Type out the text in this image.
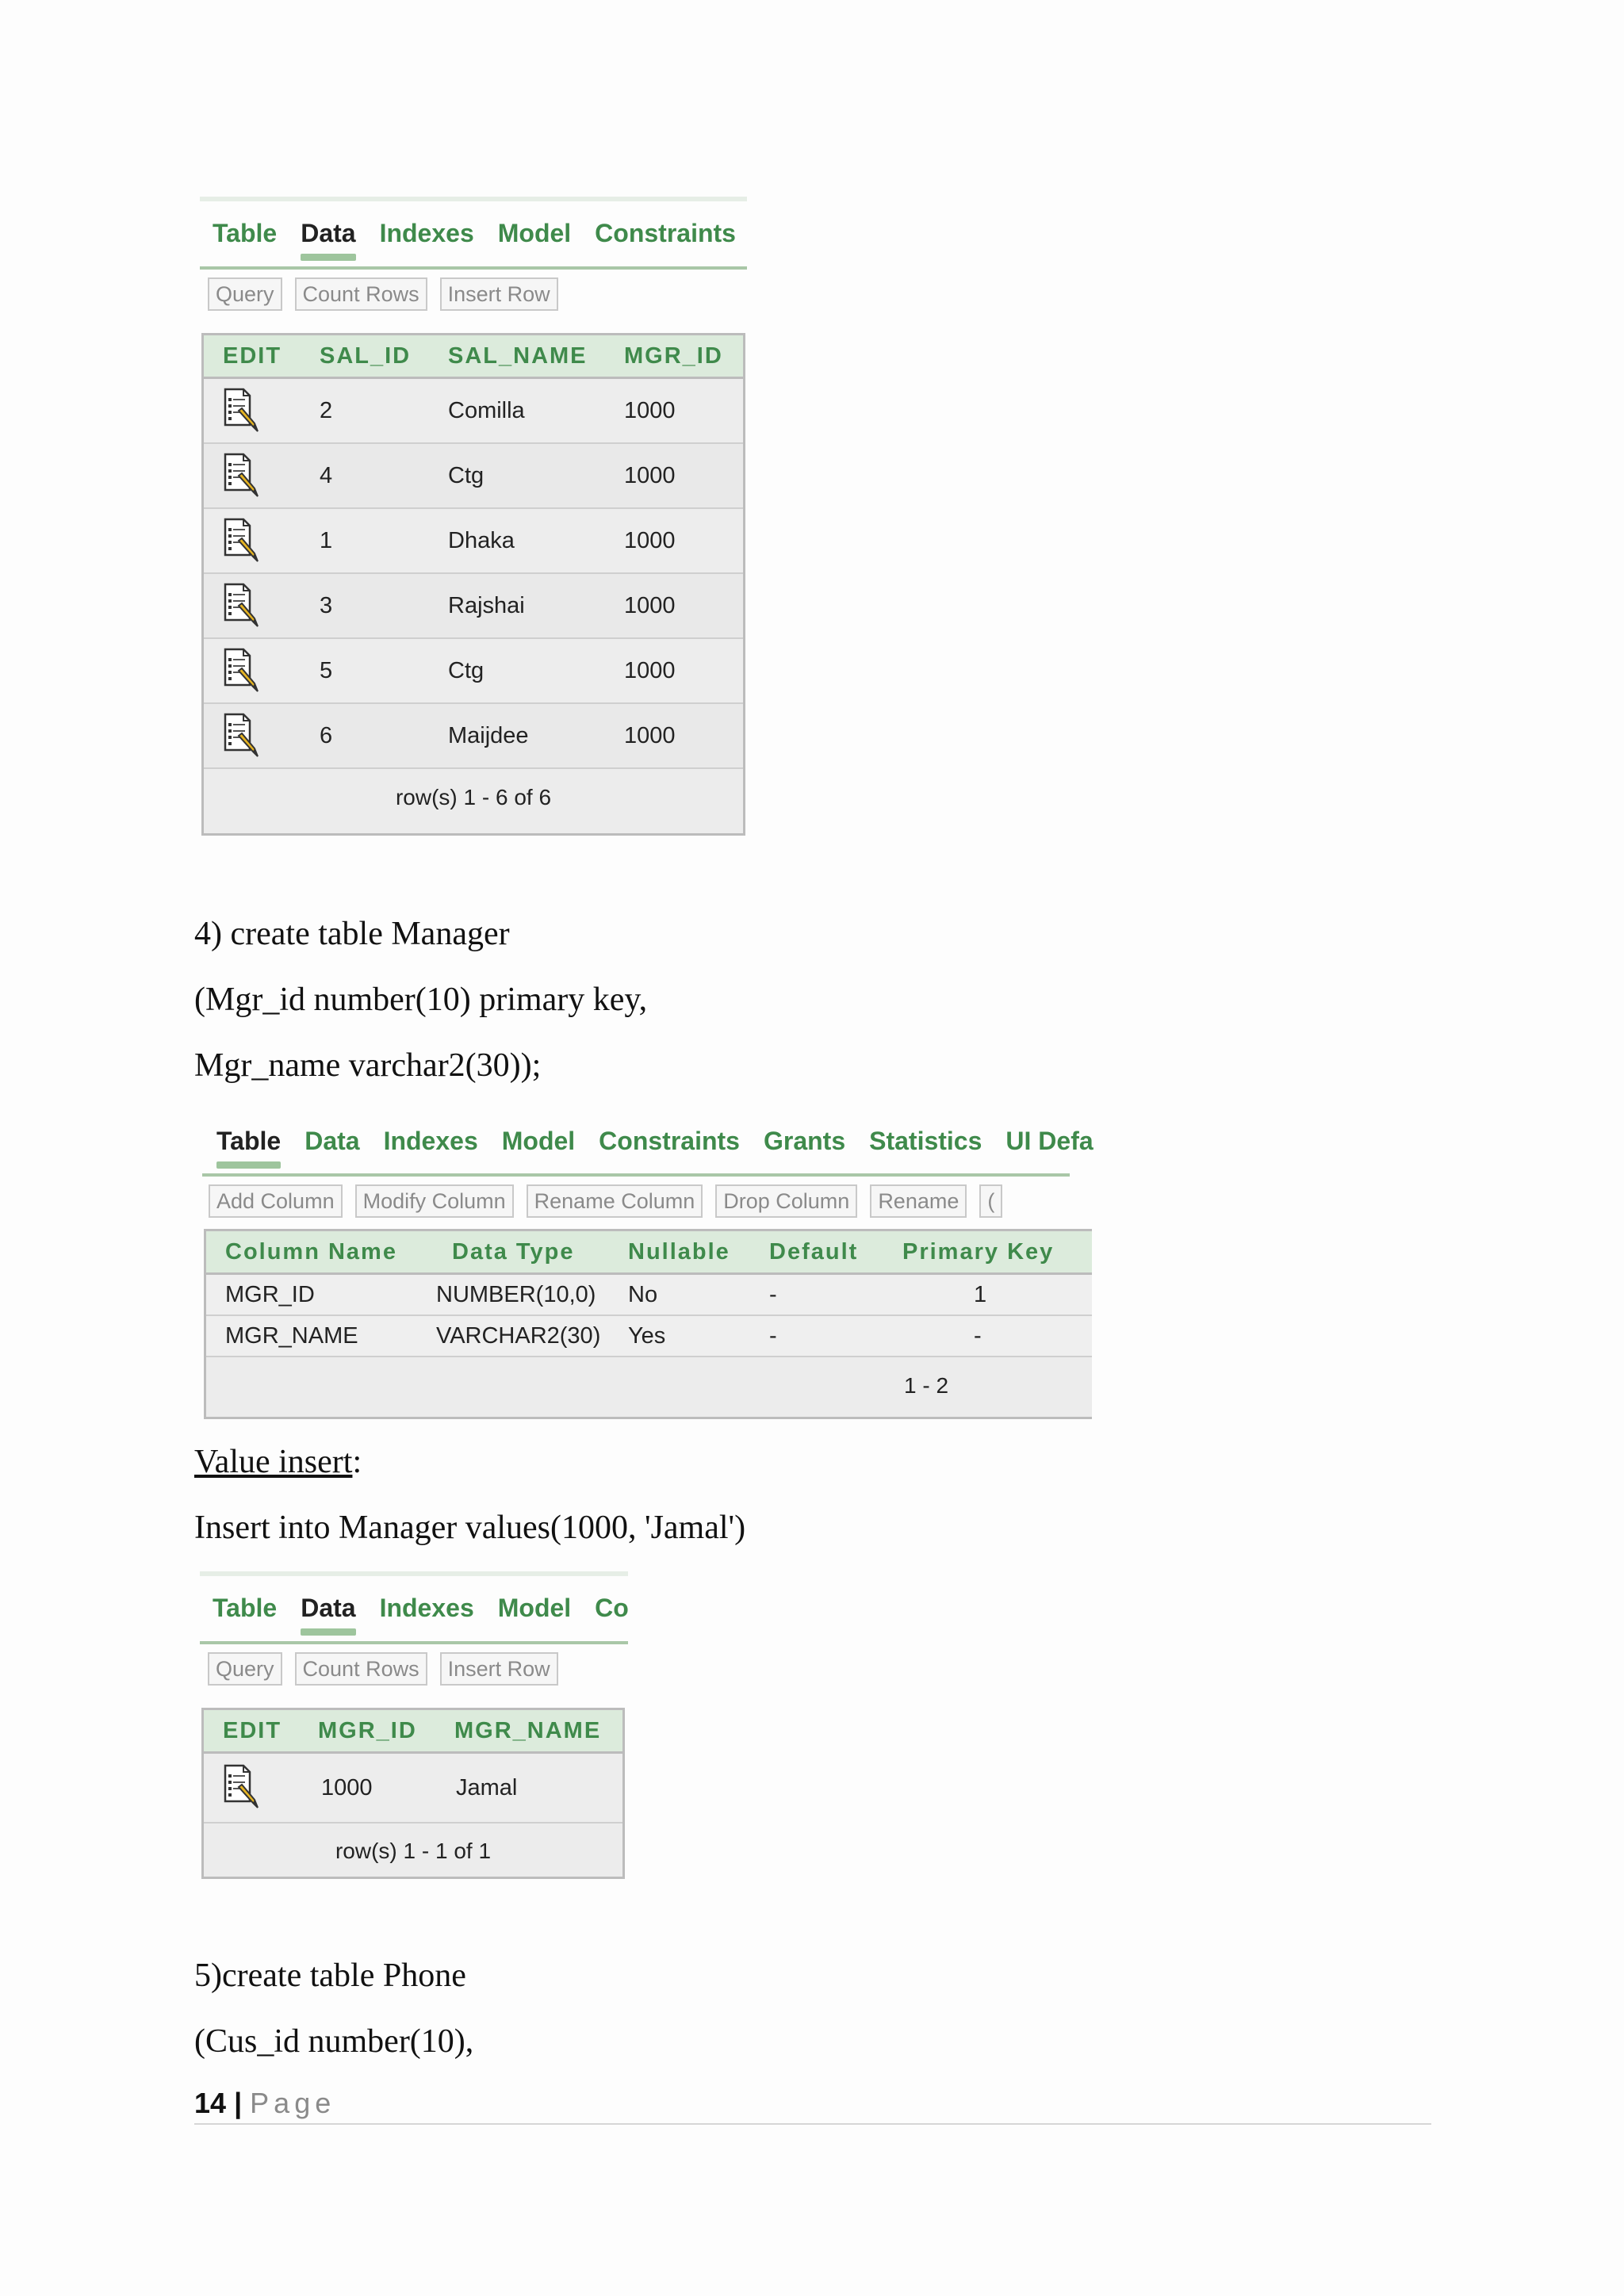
Table Data Indexes Model Constraints
Query	Count Rows	Insert Row
EDIT SAL_ID SAL_NAME MGR_ID
2	Comilla	1000
4	Ctg	1000
1	Dhaka	1000
3	Rajshai	1000
5	Ctg	1000
6	Maijdee	1000
row(s) 1 - 6 of 6
4) create table Manager
(Mgr_id number(10) primary key,
Mgr_name varchar2(30));
Table Data Indexes Model Constraints Grants Statistics UI Defa
Add Column	Modify Column	Rename Column	Drop Column	Rename	(
Column Name Data Type Nullable Default Primary Key
MGR_ID	NUMBER(10,0) No	-	1
MGR_NAME	VARCHAR2(30) Yes	-	-
1 - 2
Value insert:
Insert into Manager values(1000, 'Jamal')
Table Data Indexes Model Co
Query	Count Rows	Insert Row
EDIT MGR_ID MGR_NAME
1000	Jamal
row(s) 1 - 1 of 1
5)create table Phone
(Cus_id number(10),
14 | Page
